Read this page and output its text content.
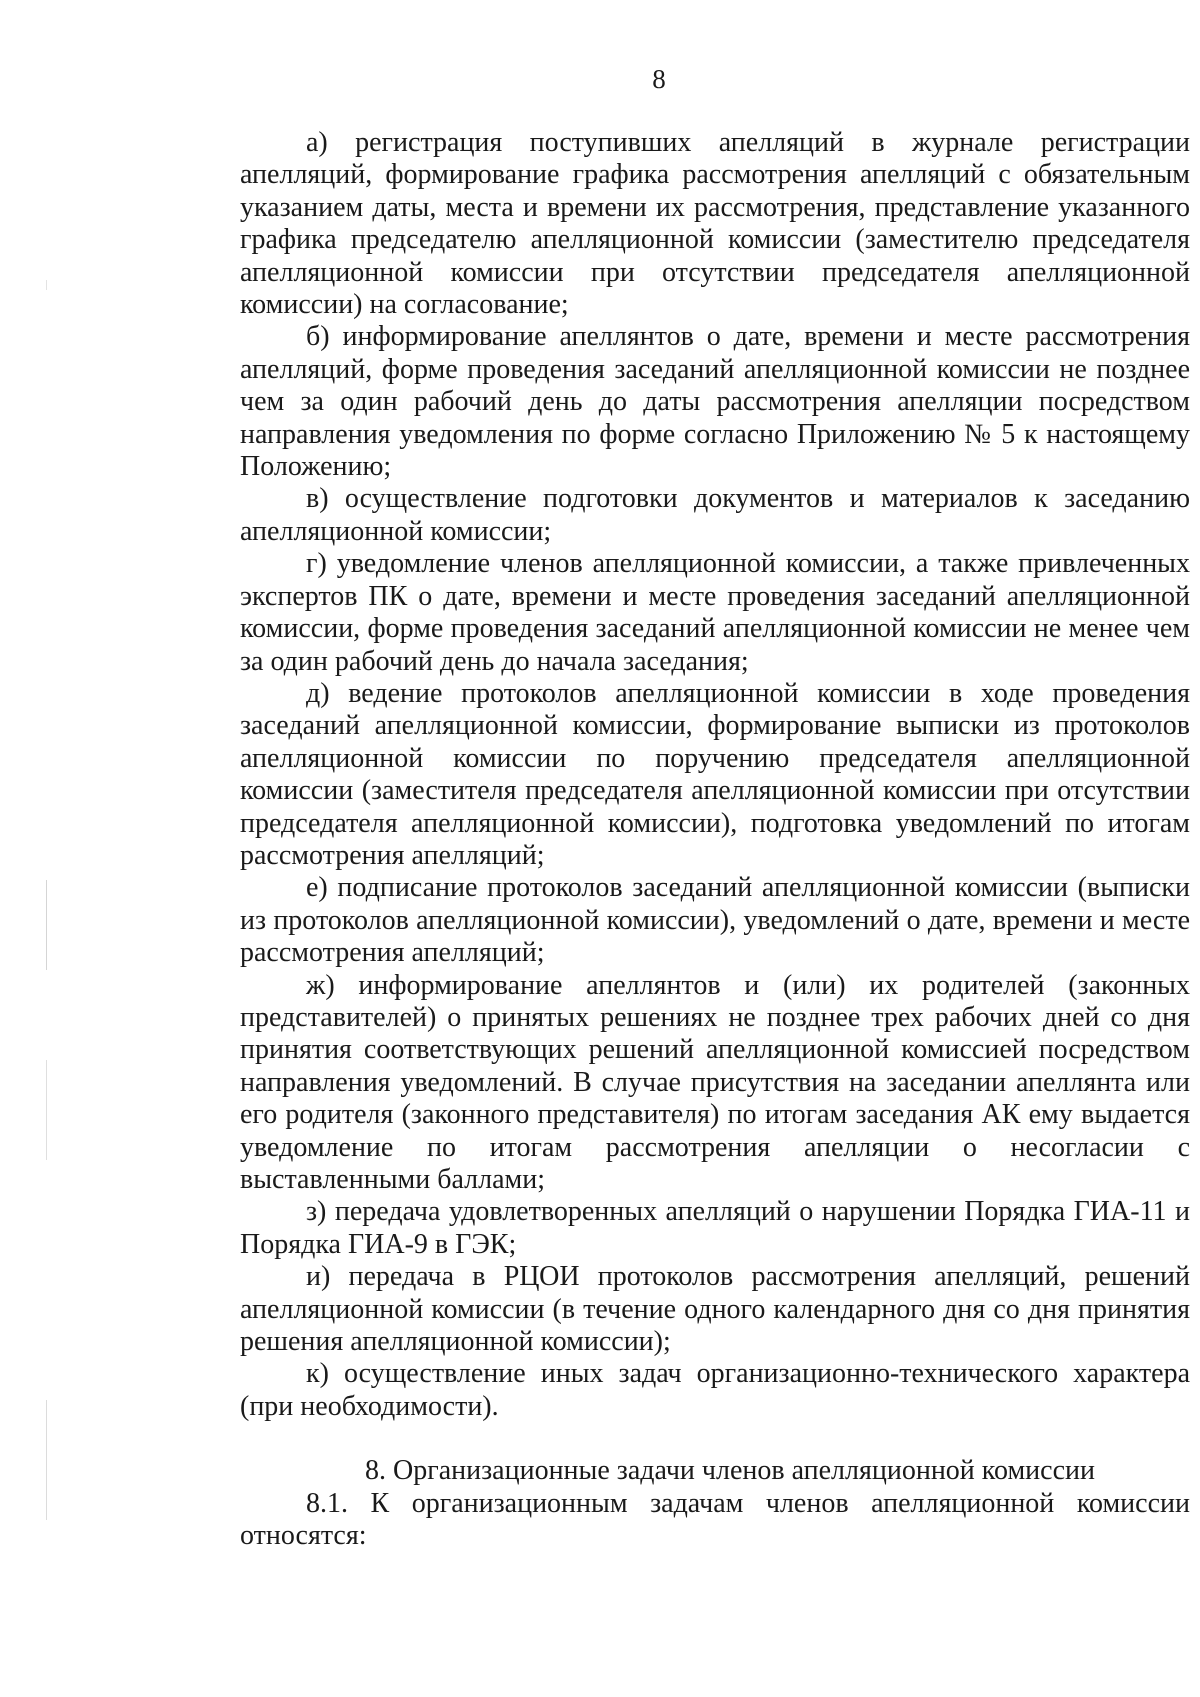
8

а) регистрация поступивших апелляций в журнале регистрации апелляций, формирование графика рассмотрения апелляций с обязательным указанием даты, места и времени их рассмотрения, представление указанного графика председателю апелляционной комиссии (заместителю председателя апелляционной комиссии при отсутствии председателя апелляционной комиссии) на согласование;

б) информирование апеллянтов о дате, времени и месте рассмотрения апелляций, форме проведения заседаний апелляционной комиссии не позднее чем за один рабочий день до даты рассмотрения апелляции посредством направления уведомления по форме согласно Приложению № 5 к настоящему Положению;

в) осуществление подготовки документов и материалов к заседанию апелляционной комиссии;

г) уведомление членов апелляционной комиссии, а также привлеченных экспертов ПК о дате, времени и месте проведения заседаний апелляционной комиссии, форме проведения заседаний апелляционной комиссии не менее чем за один рабочий день до начала заседания;

д) ведение протоколов апелляционной комиссии в ходе проведения заседаний апелляционной комиссии, формирование выписки из протоколов апелляционной комиссии по поручению председателя апелляционной комиссии (заместителя председателя апелляционной комиссии при отсутствии председателя апелляционной комиссии), подготовка уведомлений по итогам рассмотрения апелляций;

е) подписание протоколов заседаний апелляционной комиссии (выписки из протоколов апелляционной комиссии), уведомлений о дате, времени и месте рассмотрения апелляций;

ж) информирование апеллянтов и (или) их родителей (законных представителей) о принятых решениях не позднее трех рабочих дней со дня принятия соответствующих решений апелляционной комиссией посредством направления уведомлений. В случае присутствия на заседании апеллянта или его родителя (законного представителя) по итогам заседания АК ему выдается уведомление по итогам рассмотрения апелляции о несогласии с выставленными баллами;

з) передача удовлетворенных апелляций о нарушении Порядка ГИА-11 и Порядка ГИА-9 в ГЭК;

и) передача в РЦОИ протоколов рассмотрения апелляций, решений апелляционной комиссии (в течение одного календарного дня со дня принятия решения апелляционной комиссии);

к) осуществление иных задач организационно-технического характера (при необходимости).

8. Организационные задачи членов апелляционной комиссии

8.1. К организационным задачам членов апелляционной комиссии относятся:
